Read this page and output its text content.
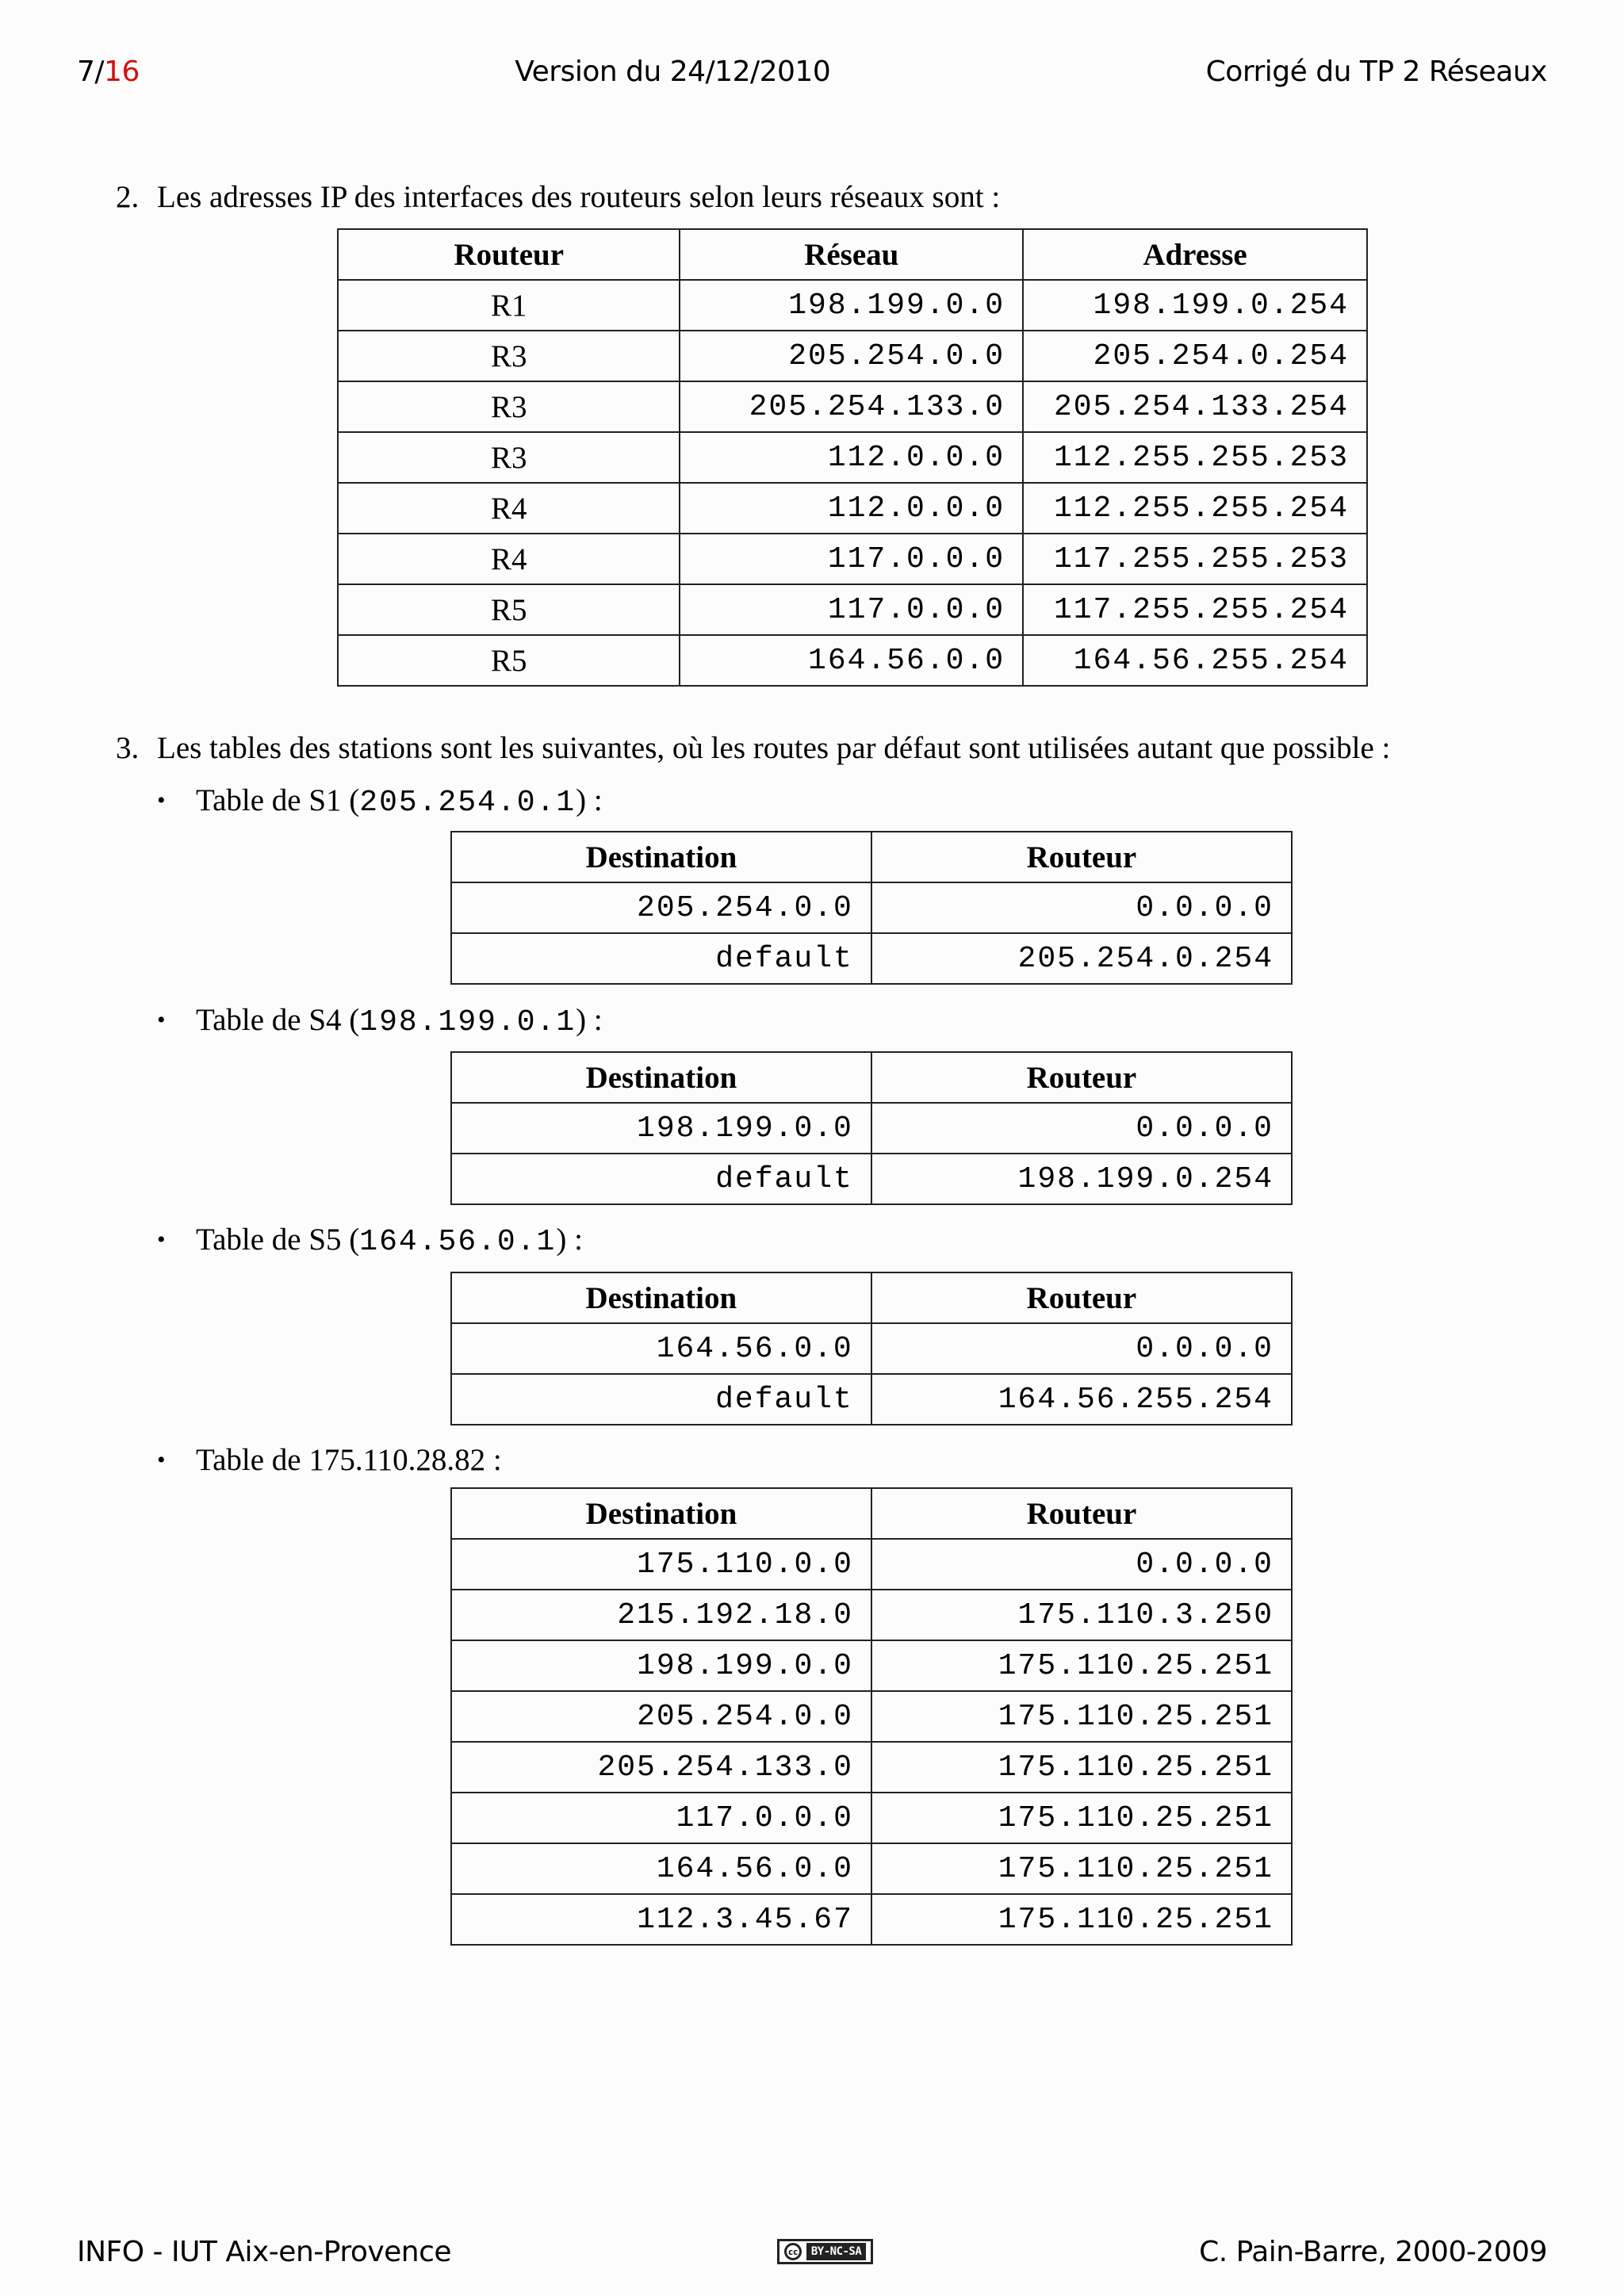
7/16	Version du 24/12/2010	Corrigé du TP 2 Réseaux
2. Les adresses IP des interfaces des routeurs selon leurs réseaux sont :
Routeur	Réseau	Adresse
R1	198.199.0.0	198.199.0.254
R3	205.254.0.0	205.254.0.254
R3	205.254.133.0	205.254.133.254
R3	112.0.0.0	112.255.255.253
R4	112.0.0.0	112.255.255.254
R4	117.0.0.0	117.255.255.253
R5	117.0.0.0	117.255.255.254
R5	164.56.0.0	164.56.255.254
3. Les tables des stations sont les suivantes, où les routes par défaut sont utilisées autant que possible :
• Table de S1 (205.254.0.1) :
Destination	Routeur
205.254.0.0	0.0.0.0
default	205.254.0.254
• Table de S4 (198.199.0.1) :
Destination	Routeur
198.199.0.0	0.0.0.0
default	198.199.0.254
• Table de S5 (164.56.0.1) :
Destination	Routeur
164.56.0.0	0.0.0.0
default	164.56.255.254
• Table de 175.110.28.82 :
Destination	Routeur
175.110.0.0	0.0.0.0
215.192.18.0	175.110.3.250
198.199.0.0	175.110.25.251
205.254.0.0	175.110.25.251
205.254.133.0	175.110.25.251
117.0.0.0	175.110.25.251
164.56.0.0	175.110.25.251
112.3.45.67	175.110.25.251
INFO - IUT Aix-en-Provence	cc	BY-NC-SA	C. Pain-Barre, 2000-2009
